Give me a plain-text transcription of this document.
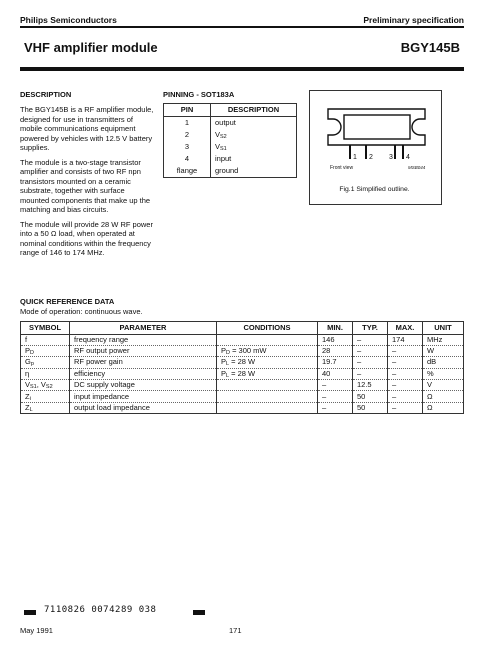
Philips Semiconductors	Preliminary specification
VHF amplifier module	BGY145B
DESCRIPTION

The BGY145B is a RF amplifier module, designed for use in transmitters of mobile communications equipment powered by vehicles with 12.5 V battery supplies.

The module is a two-stage transistor amplifier and consists of two RF npn transistors mounted on a ceramic substrate, together with surface mounted components that make up the matching and bias circuits.

The module will provide 28 W RF power into a 50 Ω load, when operated at nominal conditions within the frequency range of 146 to 174 MHz.

PINNING - SOT183A
PIN	DESCRIPTION
1	output
2	$V_{S2}$
3	$V_{S1}$
4	input
flange	ground
1 2 3 4
Front view	MSB044
Fig.1 Simplified outline.
QUICK REFERENCE DATA
Mode of operation: continuous wave.
SYMBOL	PARAMETER	CONDITIONS	MIN.	TYP.	MAX.	UNIT
f	frequency range		146	–	174	MHz
$P_D$	RF output power	$P_D = 300$ mW	28	–	–	W
$G_p$	RF power gain	$P_L = 28$ W	19.7	–	–	dB
η	efficiency	$P_L = 28$ W	40	–	–	%
$V_{S1}$, $V_{S2}$	DC supply voltage		–	12.5	–	V
$Z_i$	input impedance		–	50	–	Ω
$Z_L$	output load impedance		–	50	–	Ω
7110826 0074289 038
May 1991	171
